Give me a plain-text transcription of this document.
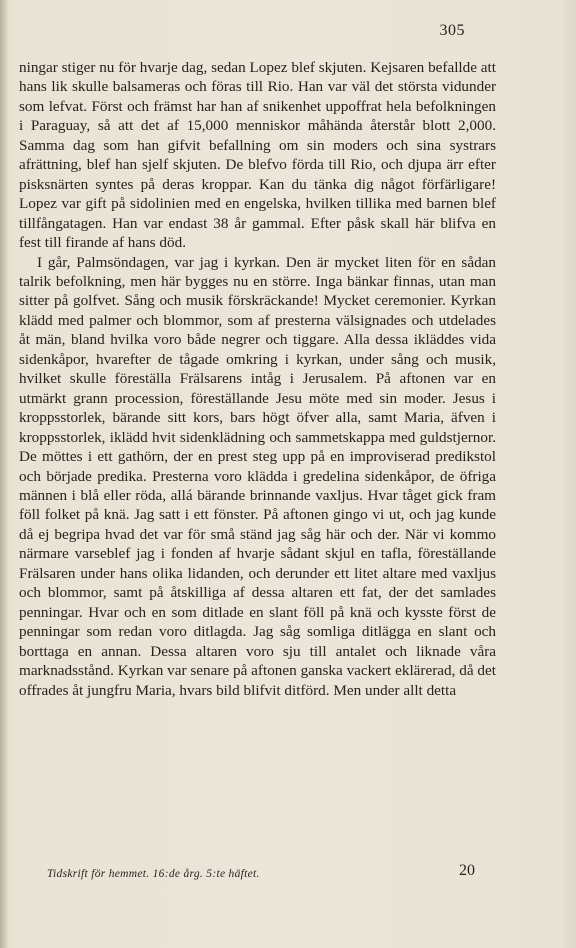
305

ningar stiger nu för hvarje dag, sedan Lopez blef skjuten. Kejsaren befallde att hans lik skulle balsameras och föras till Rio. Han var väl det största vidunder som lefvat. Först och främst har han af snikenhet uppoffrat hela befolkningen i Paraguay, så att det af 15,000 menniskor måhända återstår blott 2,000. Samma dag som han gifvit befallning om sin moders och sina systrars afrättning, blef han sjelf skjuten. De blefvo förda till Rio, och djupa ärr efter pisksnärten syntes på deras kroppar. Kan du tänka dig något förfärligare! Lopez var gift på sidolinien med en engelska, hvilken tillika med barnen blef tillfångatagen. Han var endast 38 år gammal. Efter påsk skall här blifva en fest till firande af hans död.

I går, Palmsöndagen, var jag i kyrkan. Den är mycket liten för en sådan talrik befolkning, men här bygges nu en större. Inga bänkar finnas, utan man sitter på golfvet. Sång och musik förskräckande! Mycket ceremonier. Kyrkan klädd med palmer och blommor, som af presterna välsignades och utdelades åt män, bland hvilka voro både negrer och tiggare. Alla dessa ikläddes vida sidenkåpor, hvarefter de tågade omkring i kyrkan, under sång och musik, hvilket skulle föreställa Frälsarens intåg i Jerusalem. På aftonen var en utmärkt grann procession, föreställande Jesu möte med sin moder. Jesus i kroppsstorlek, bärande sitt kors, bars högt öfver alla, samt Maria, äfven i kroppsstorlek, iklädd hvit sidenklädning och sammetskappa med guldstjernor. De möttes i ett gathörn, der en prest steg upp på en improviserad predikstol och började predika. Presterna voro klädda i gredelina sidenkåpor, de öfriga männen i blå eller röda, allá bärande brinnande vaxljus. Hvar tåget gick fram föll folket på knä. Jag satt i ett fönster. På aftonen gingo vi ut, och jag kunde då ej begripa hvad det var för små ständ jag såg här och der. När vi kommo närmare varseblef jag i fonden af hvarje sådant skjul en tafla, föreställande Frälsaren under hans olika lidanden, och derunder ett litet altare med vaxljus och blommor, samt på åtskilliga af dessa altaren ett fat, der det samlades penningar. Hvar och en som ditlade en slant föll på knä och kysste först de penningar som redan voro ditlagda. Jag såg somliga ditlägga en slant och borttaga en annan. Dessa altaren voro sju till antalet och liknade våra marknadsstånd. Kyrkan var senare på aftonen ganska vackert eklärerad, då det offrades åt jungfru Maria, hvars bild blifvit ditförd. Men under allt detta

Tidskrift för hemmet. 16:de årg. 5:te häftet.	20
